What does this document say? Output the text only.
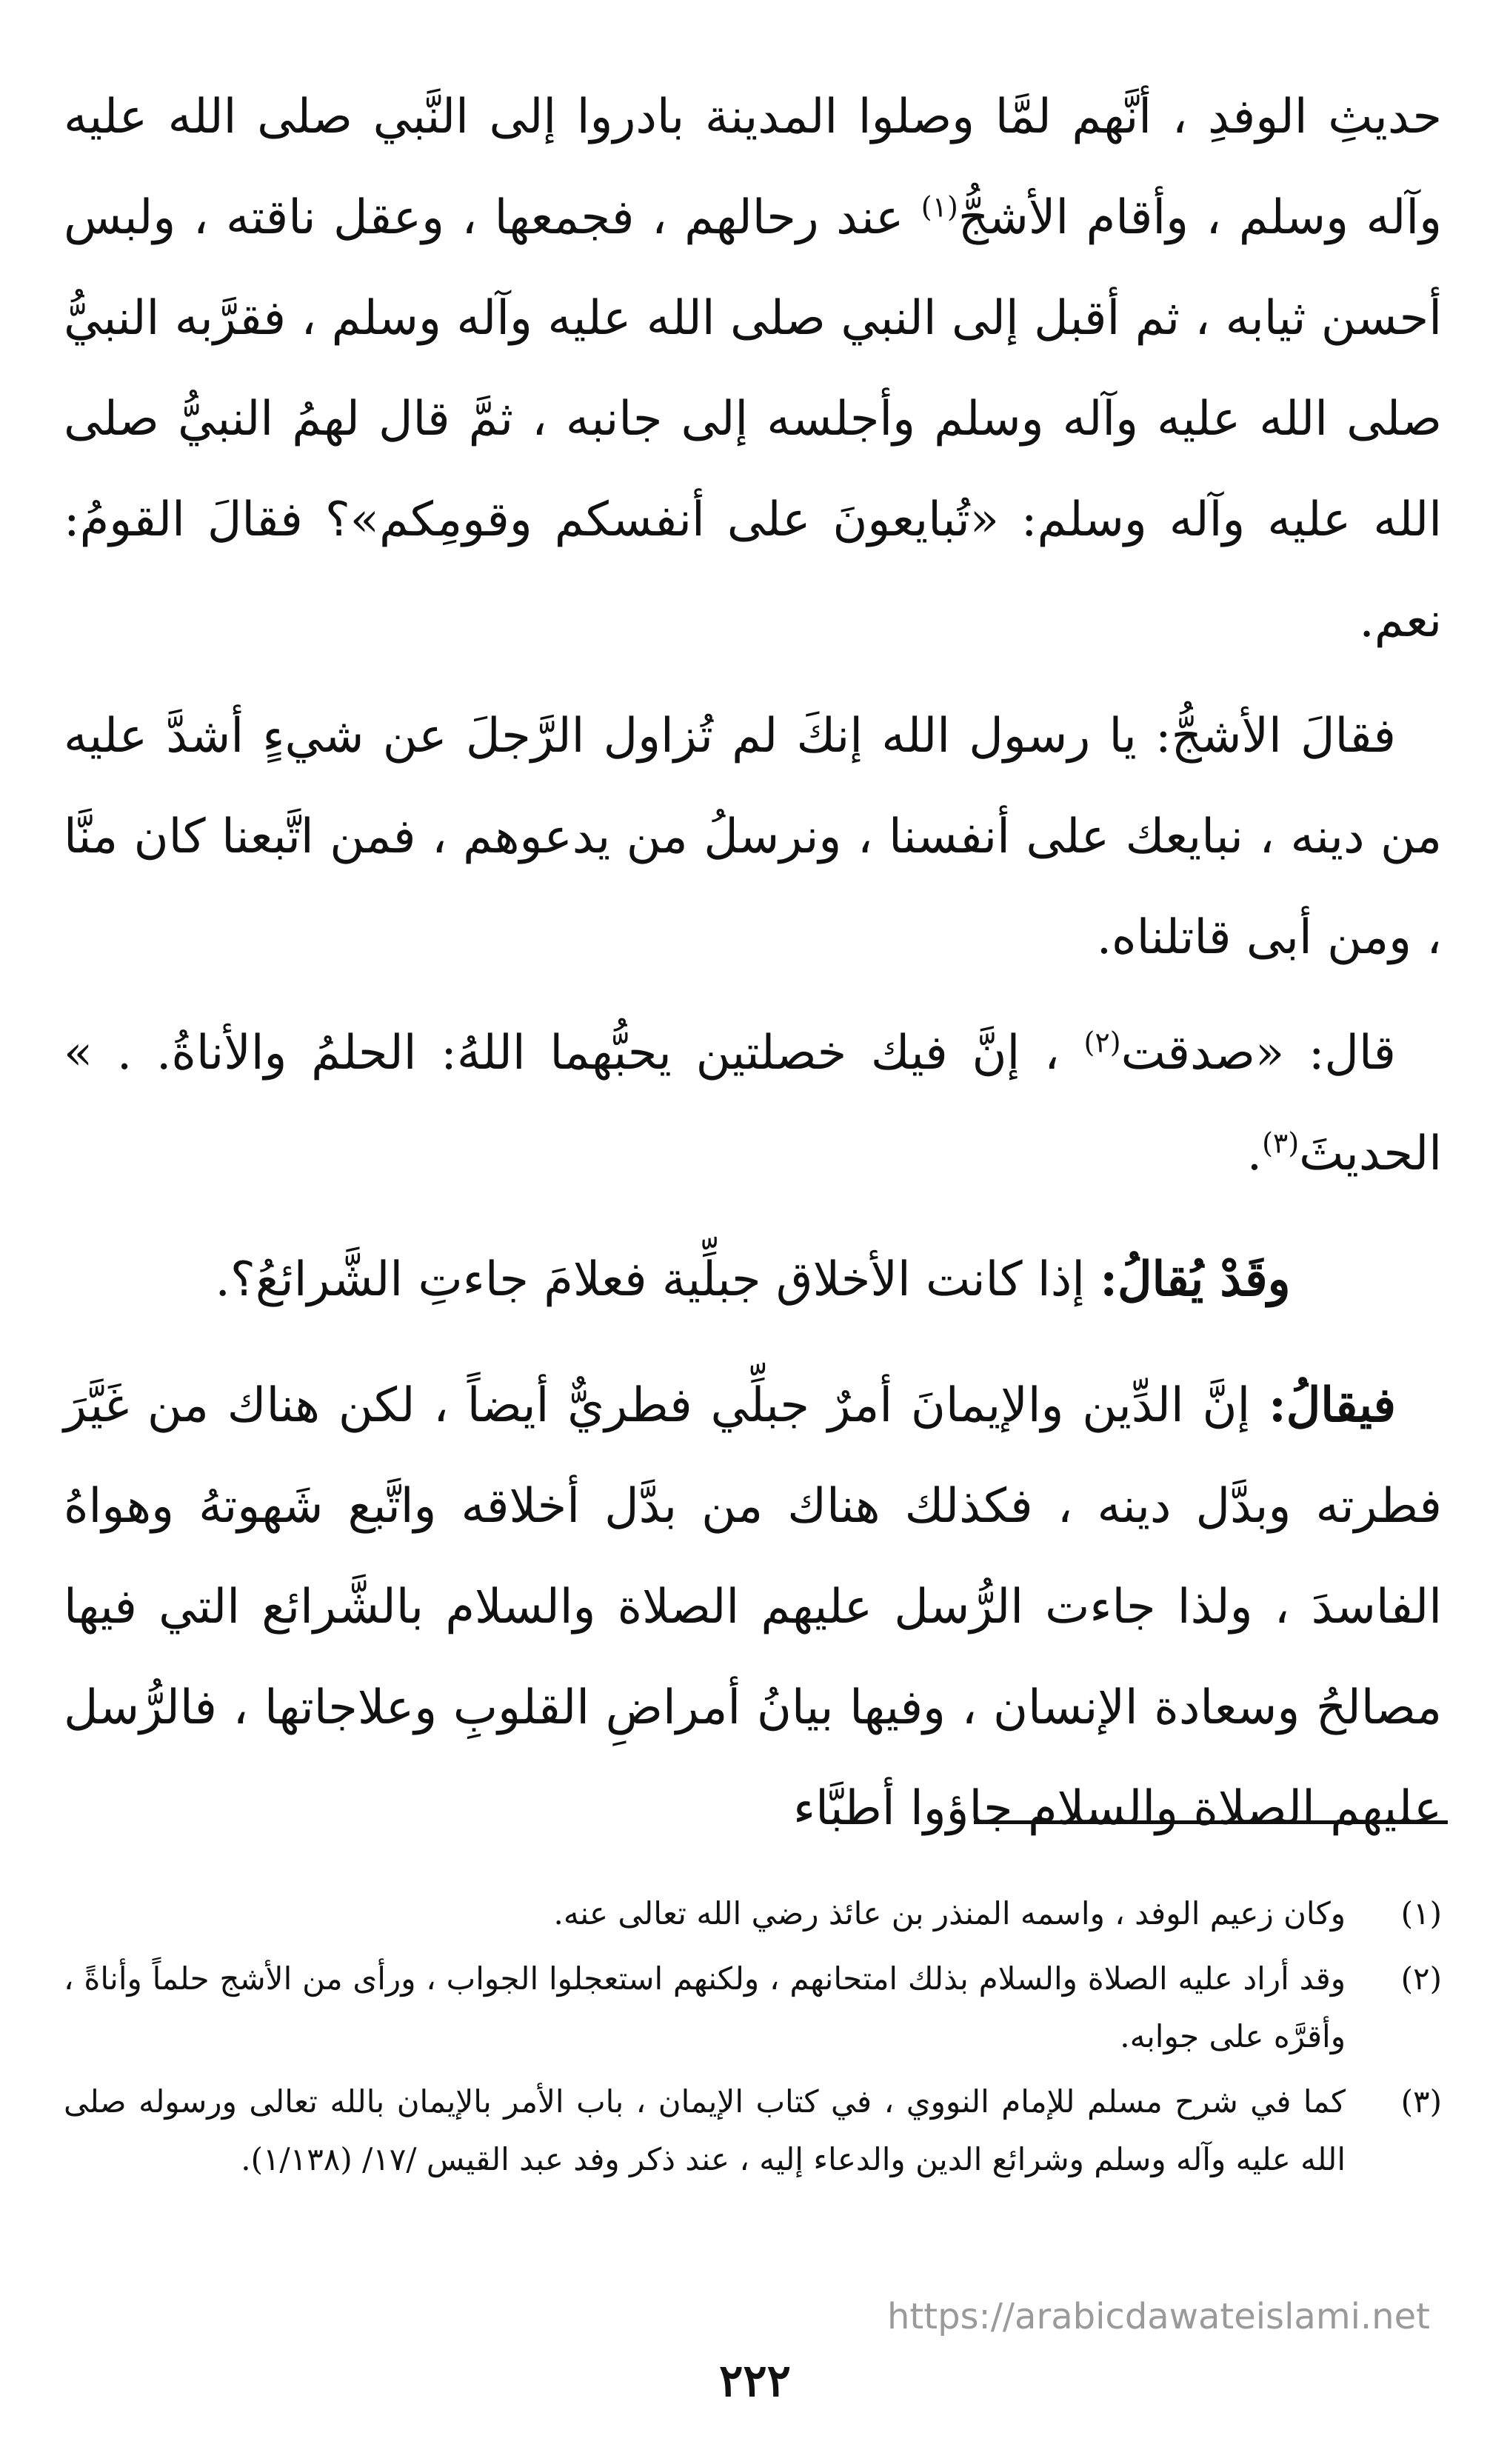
حديثِ الوفدِ ، أنَّهم لمَّا وصلوا المدينة بادروا إلى النَّبي صلى الله عليه وآله وسلم ، وأقام الأشجُّ$^{(١)}$ عند رحالهم ، فجمعها ، وعقل ناقته ، ولبس أحسن ثيابه ، ثم أقبل إلى النبي صلى الله عليه وآله وسلم ، فقرَّبه النبيُّ صلى الله عليه وآله وسلم وأجلسه إلى جانبه ، ثمَّ قال لهمُ النبيُّ صلى الله عليه وآله وسلم: «تُبايعونَ على أنفسكم وقومِكم»؟ فقالَ القومُ: نعم.

فقالَ الأشجُّ: يا رسول الله إنكَ لم تُزاول الرَّجلَ عن شيءٍ أشدَّ عليه من دينه ، نبايعك على أنفسنا ، ونرسلُ من يدعوهم ، فمن اتَّبعنا كان منَّا ، ومن أبى قاتلناه.

قال: «صدقت$^{(٢)}$ ، إنَّ فيك خصلتين يحبُّهما اللهُ: الحلمُ والأناةُ. . » الحديثَ$^{(٣)}$.

وقَدْ يُقالُ: إذا كانت الأخلاق جبلِّية فعلامَ جاءتِ الشَّرائعُ؟.

فيقالُ: إنَّ الدِّين والإيمانَ أمرٌ جبلِّي فطريٌّ أيضاً ، لكن هناك من غَيَّرَ فطرته وبدَّل دينه ، فكذلك هناك من بدَّل أخلاقه واتَّبع شَهوتهُ وهواهُ الفاسدَ ، ولذا جاءت الرُّسل عليهم الصلاة والسلام بالشَّرائع التي فيها مصالحُ وسعادة الإنسان ، وفيها بيانُ أمراضِ القلوبِ وعلاجاتها ، فالرُّسل عليهم الصلاة والسلام جاؤوا أطبَّاء

(١)
وكان زعيم الوفد ، واسمه المنذر بن عائذ رضي الله تعالى عنه.
(٢)
وقد أراد عليه الصلاة والسلام بذلك امتحانهم ، ولكنهم استعجلوا الجواب ، ورأى من الأشج حلماً وأناةً ، وأقرَّه على جوابه.
(٣)
كما في شرح مسلم للإمام النووي ، في كتاب الإيمان ، باب الأمر بالإيمان بالله تعالى ورسوله صلى الله عليه وآله وسلم وشرائع الدين والدعاء إليه ، عند ذكر وفد عبد القيس /١٧/ (١/١٣٨).
https://arabicdawateislami.net
٢٢٢
